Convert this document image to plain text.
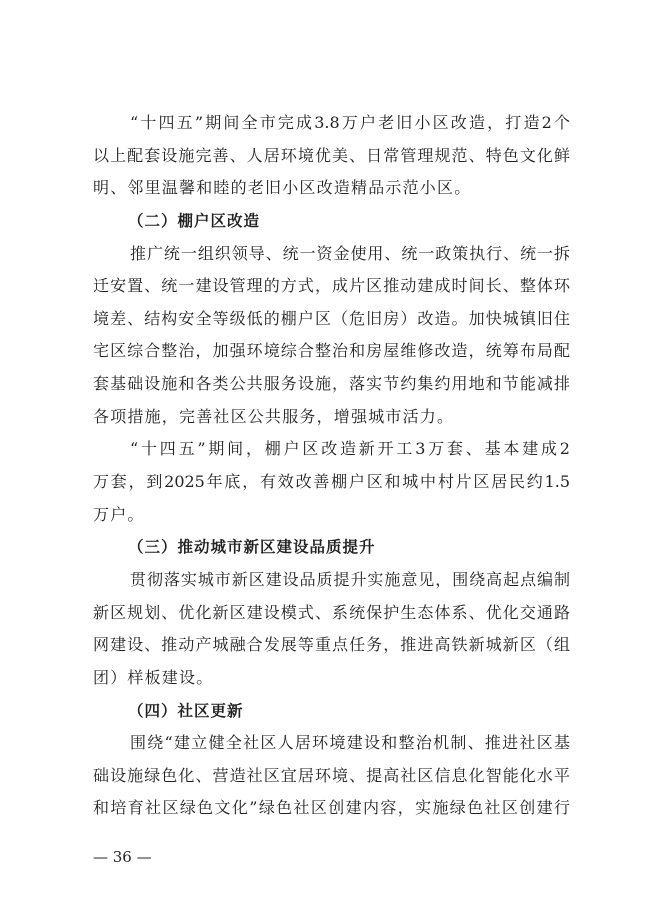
“十四五”期间全市完成3.8万户老旧小区改造，打造2个
以上配套设施完善、人居环境优美、日常管理规范、特色文化鲜
明、邻里温馨和睦的老旧小区改造精品示范小区。
（二）棚户区改造
推广统一组织领导、统一资金使用、统一政策执行、统一拆
迁安置、统一建设管理的方式，成片区推动建成时间长、整体环
境差、结构安全等级低的棚户区（危旧房）改造。加快城镇旧住
宅区综合整治，加强环境综合整治和房屋维修改造，统筹布局配
套基础设施和各类公共服务设施，落实节约集约用地和节能减排
各项措施，完善社区公共服务，增强城市活力。
“十四五”期间，棚户区改造新开工3万套、基本建成2
万套，到2025年底，有效改善棚户区和城中村片区居民约1.5
万户。
（三）推动城市新区建设品质提升
贯彻落实城市新区建设品质提升实施意见，围绕高起点编制
新区规划、优化新区建设模式、系统保护生态体系、优化交通路
网建设、推动产城融合发展等重点任务，推进高铁新城新区（组
团）样板建设。
（四）社区更新
围绕“建立健全社区人居环境建设和整治机制、推进社区基
础设施绿色化、营造社区宜居环境、提高社区信息化智能化水平
和培育社区绿色文化”绿色社区创建内容，实施绿色社区创建行
— 36 —
